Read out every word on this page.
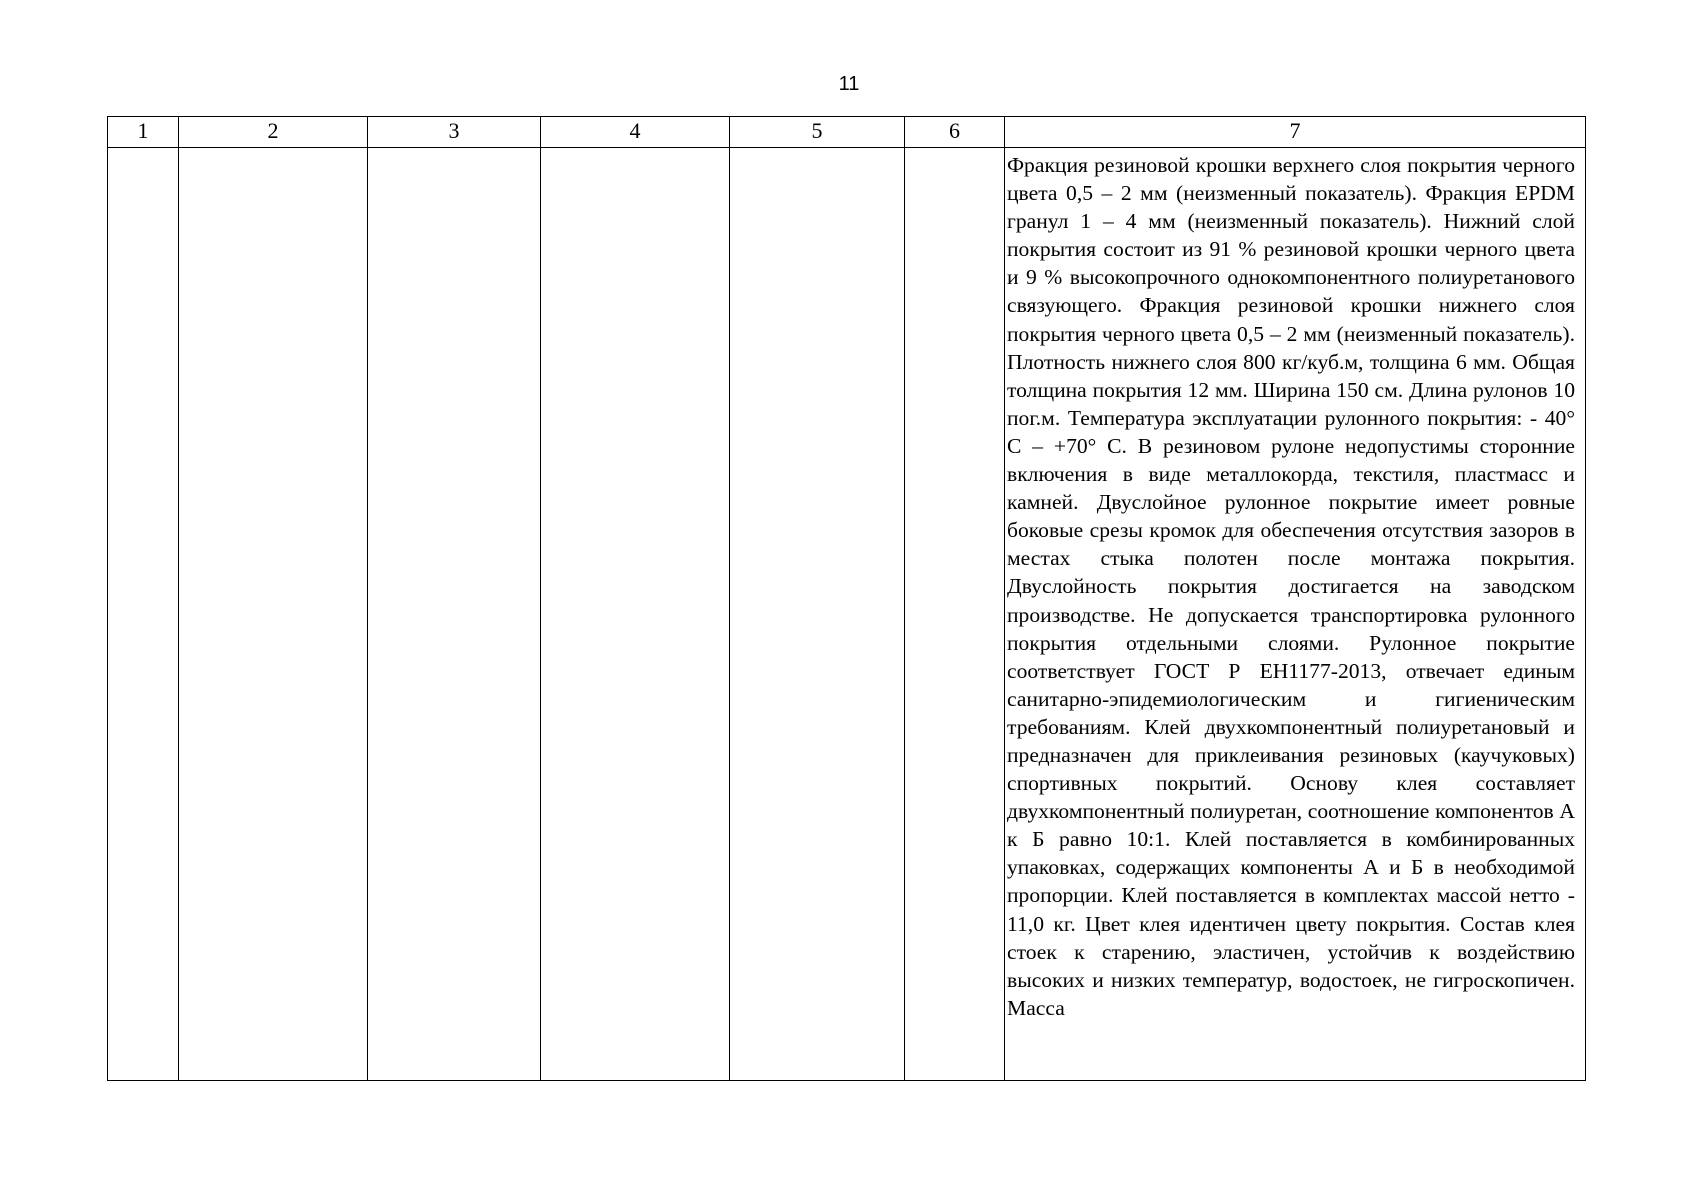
11
1	2	3	4	5	6	7
						Фракция резиновой крошки верхнего слоя покрытия черного цвета 0,5 – 2 мм (неизменный показатель). Фракция EPDM гранул 1 – 4 мм (неизменный показатель). Нижний слой покрытия состоит из 91 % резиновой крошки черного цвета и 9 % высокопрочного однокомпонентного полиуретанового связующего. Фракция резиновой крошки нижнего слоя покрытия черного цвета 0,5 – 2 мм (неизменный показатель). Плотность нижнего слоя 800 кг/куб.м, толщина 6 мм. Общая толщина покрытия 12 мм. Ширина 150 см. Длина рулонов 10 пог.м. Температура эксплуатации рулонного покрытия: - 40° С – +70° С. В резиновом рулоне недопустимы сторонние включения в виде металлокорда, текстиля, пластмасс и камней. Двуслойное рулонное покрытие имеет ровные боковые срезы кромок для обеспечения отсутствия зазоров в местах стыка полотен после монтажа покрытия. Двуслойность покрытия достигается на заводском производстве. Не допускается транспортировка рулонного покрытия отдельными слоями. Рулонное покрытие соответствует ГОСТ Р ЕН1177-2013, отвечает единым санитарно-эпидемиологическим и гигиеническим требованиям. Клей двухкомпонентный полиуретановый и предназначен для приклеивания резиновых (каучуковых) спортивных покрытий. Основу клея составляет двухкомпонентный полиуретан, соотношение компонентов А к Б равно 10:1. Клей поставляется в комбинированных упаковках, содержащих компоненты А и Б в необходимой пропорции. Клей поставляется в комплектах массой нетто - 11,0 кг. Цвет клея идентичен цвету покрытия. Состав клея стоек к старению, эластичен, устойчив к воздействию высоких и низких температур, водостоек, не гигроскопичен. Масса
